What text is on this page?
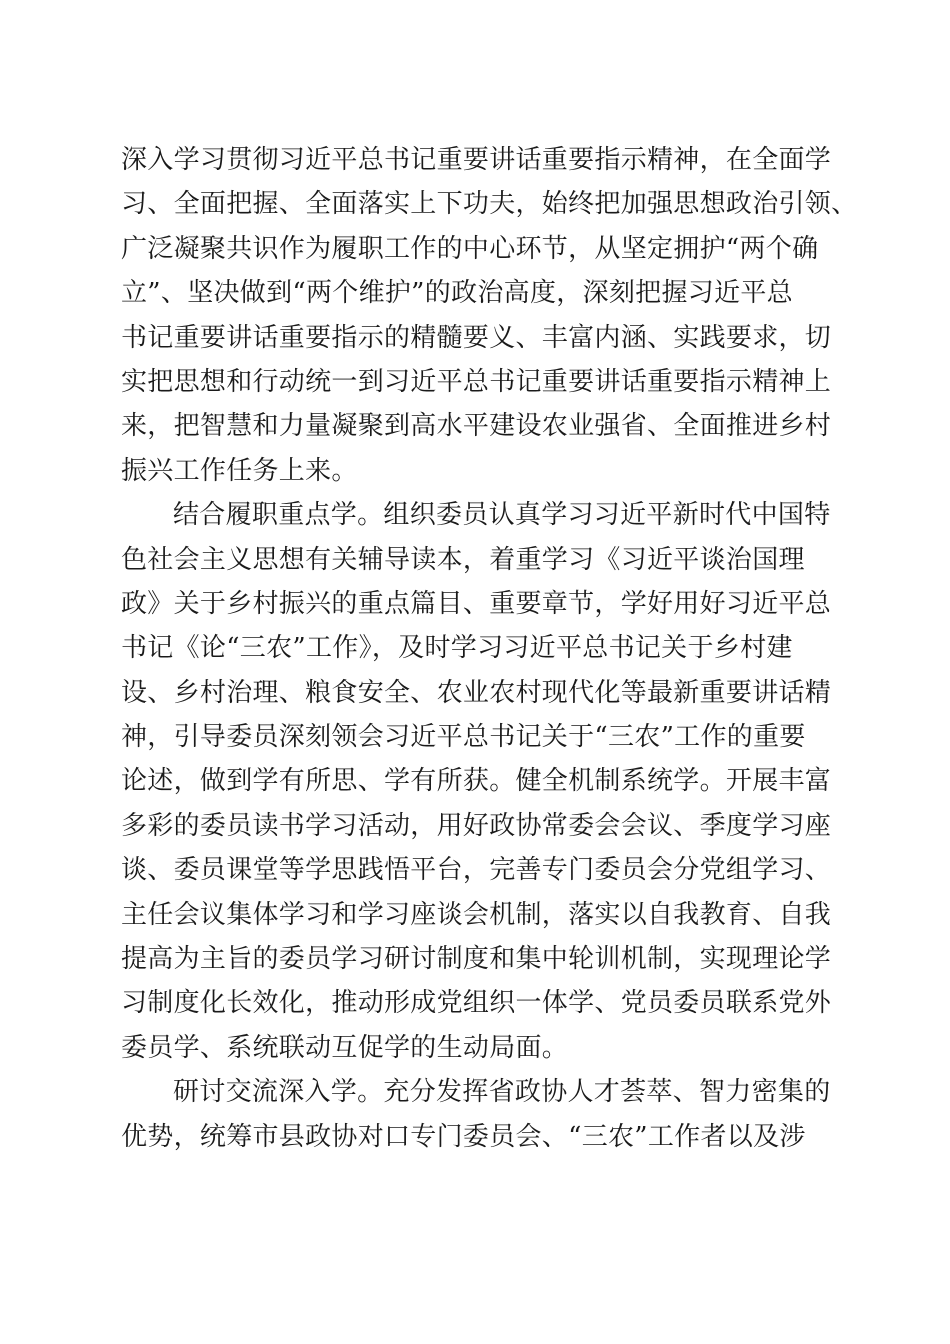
深入学习贯彻习近平总书记重要讲话重要指示精神，在全面学
习、全面把握、全面落实上下功夫，始终把加强思想政治引领、
广泛凝聚共识作为履职工作的中心环节，从坚定拥护“两个确
立”、坚决做到“两个维护”的政治高度，深刻把握习近平总
书记重要讲话重要指示的精髓要义、丰富内涵、实践要求，切
实把思想和行动统一到习近平总书记重要讲话重要指示精神上
来，把智慧和力量凝聚到高水平建设农业强省、全面推进乡村
振兴工作任务上来。
结合履职重点学。组织委员认真学习习近平新时代中国特
色社会主义思想有关辅导读本，着重学习《习近平谈治国理
政》关于乡村振兴的重点篇目、重要章节，学好用好习近平总
书记《论“三农”工作》，及时学习习近平总书记关于乡村建
设、乡村治理、粮食安全、农业农村现代化等最新重要讲话精
神，引导委员深刻领会习近平总书记关于“三农”工作的重要
论述，做到学有所思、学有所获。健全机制系统学。开展丰富
多彩的委员读书学习活动，用好政协常委会会议、季度学习座
谈、委员课堂等学思践悟平台，完善专门委员会分党组学习、
主任会议集体学习和学习座谈会机制，落实以自我教育、自我
提高为主旨的委员学习研讨制度和集中轮训机制，实现理论学
习制度化长效化，推动形成党组织一体学、党员委员联系党外
委员学、系统联动互促学的生动局面。
研讨交流深入学。充分发挥省政协人才荟萃、智力密集的
优势，统筹市县政协对口专门委员会、“三农”工作者以及涉
